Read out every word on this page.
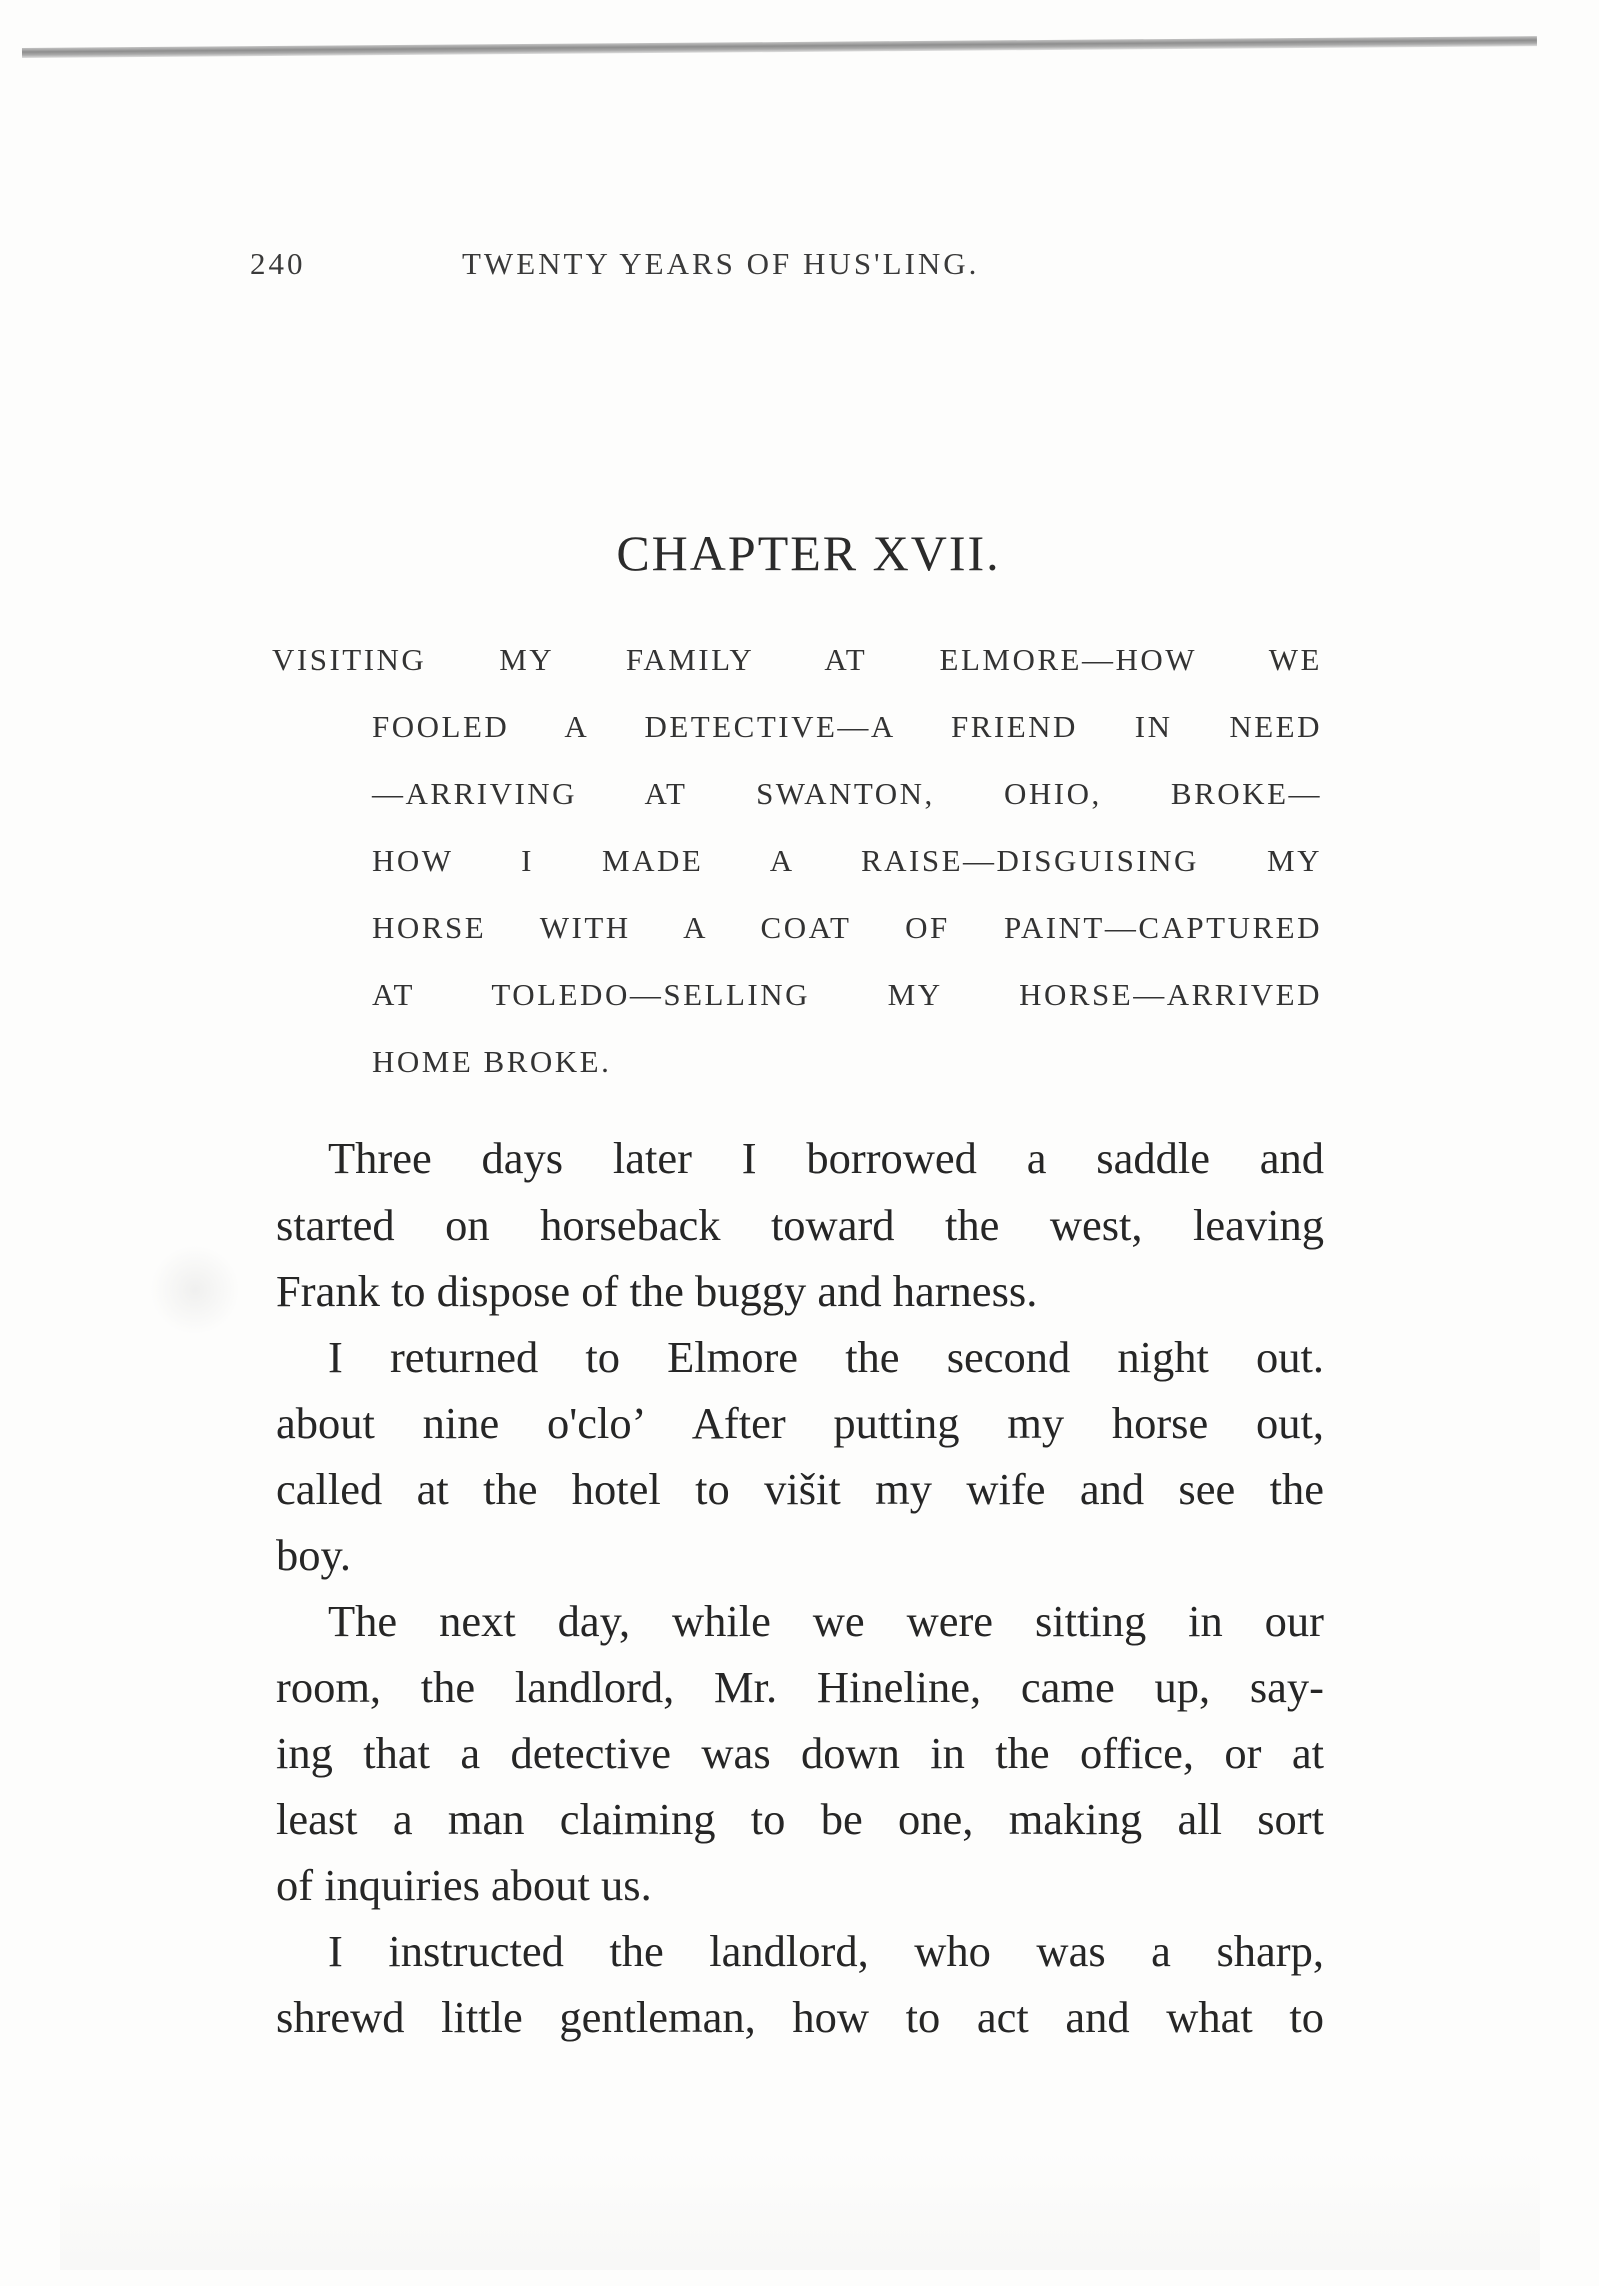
240	TWENTY YEARS OF HUS'LING.
CHAPTER XVII.
VISITING MY FAMILY AT ELMORE—HOW WE
FOOLED A DETECTIVE—A FRIEND IN NEED
—ARRIVING AT SWANTON, OHIO, BROKE—
HOW I MADE A RAISE—DISGUISING MY
HORSE WITH A COAT OF PAINT—CAPTURED
AT TOLEDO—SELLING MY HORSE—ARRIVED
HOME BROKE.
Three days later I borrowed a saddle and
started on horseback toward the west, leaving
Frank to dispose of the buggy and harness.
I returned to Elmore the second night out.
about nine o'cloʼ After putting my horse out,
called at the hotel to višit my wife and see the
boy.
The next day, while we were sitting in our
room, the landlord, Mr. Hineline, came up, say-
ing that a detective was down in the office, or at
least a man claiming to be one, making all sort
of inquiries about us.
I instructed the landlord, who was a sharp,
shrewd little gentleman, how to act and what to
